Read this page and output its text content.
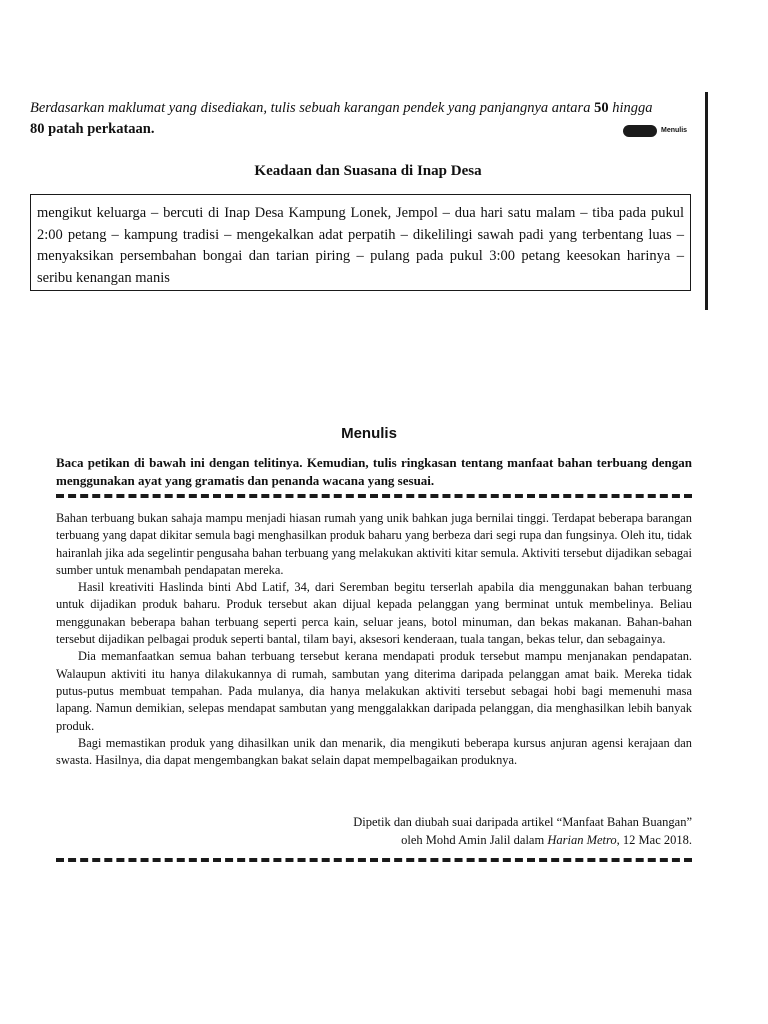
Berdasarkan maklumat yang disediakan, tulis sebuah karangan pendek yang panjangnya antara 50 hingga
80 patah perkataan.	Menulis
Keadaan dan Suasana di Inap Desa
mengikut keluarga – bercuti di Inap Desa Kampung Lonek, Jempol – dua hari satu malam – tiba pada pukul 2:00 petang – kampung tradisi – mengekalkan adat perpatih – dikelilingi sawah padi yang terbentang luas – menyaksikan persembahan bongai dan tarian piring – pulang pada pukul 3:00 petang keesokan harinya – seribu kenangan manis
Menulis
Baca petikan di bawah ini dengan telitinya. Kemudian, tulis ringkasan tentang manfaat bahan terbuang dengan menggunakan ayat yang gramatis dan penanda wacana yang sesuai.

Bahan terbuang bukan sahaja mampu menjadi hiasan rumah yang unik bahkan juga bernilai tinggi. Terdapat beberapa barangan terbuang yang dapat dikitar semula bagi menghasilkan produk baharu yang berbeza dari segi rupa dan fungsinya. Oleh itu, tidak hairanlah jika ada segelintir pengusaha bahan terbuang yang melakukan aktiviti kitar semula. Aktiviti tersebut dijadikan sebagai sumber untuk menambah pendapatan mereka.

Hasil kreativiti Haslinda binti Abd Latif, 34, dari Seremban begitu terserlah apabila dia menggunakan bahan terbuang untuk dijadikan produk baharu. Produk tersebut akan dijual kepada pelanggan yang berminat untuk membelinya. Beliau menggunakan beberapa bahan terbuang seperti perca kain, seluar jeans, botol minuman, dan bekas makanan. Bahan-bahan tersebut dijadikan pelbagai produk seperti bantal, tilam bayi, aksesori kenderaan, tuala tangan, bekas telur, dan sebagainya.

Dia memanfaatkan semua bahan terbuang tersebut kerana mendapati produk tersebut mampu menjanakan pendapatan. Walaupun aktiviti itu hanya dilakukannya di rumah, sambutan yang diterima daripada pelanggan amat baik. Mereka tidak putus-putus membuat tempahan. Pada mulanya, dia hanya melakukan aktiviti tersebut sebagai hobi bagi memenuhi masa lapang. Namun demikian, selepas mendapat sambutan yang menggalakkan daripada pelanggan, dia menghasilkan lebih banyak produk.

Bagi memastikan produk yang dihasilkan unik dan menarik, dia mengikuti beberapa kursus anjuran agensi kerajaan dan swasta. Hasilnya, dia dapat mengembangkan bakat selain dapat mempelbagaikan produknya.

Dipetik dan diubah suai daripada artikel “Manfaat Bahan Buangan”
oleh Mohd Amin Jalil dalam Harian Metro, 12 Mac 2018.
